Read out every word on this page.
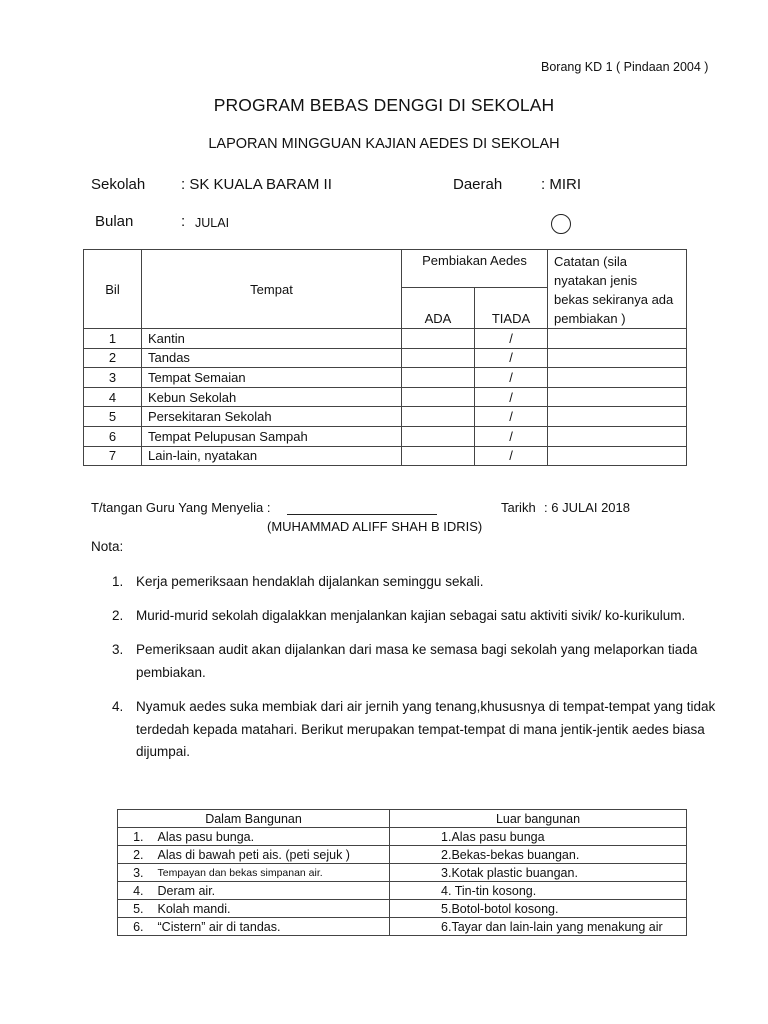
Borang KD 1 ( Pindaan 2004 )
PROGRAM BEBAS DENGGI DI SEKOLAH
LAPORAN MINGGUAN KAJIAN AEDES DI SEKOLAH
Sekolah : SK KUALA BARAM II	Daerah	: MIRI
Bulan	: JULAI
Bil	Tempat	Pembiakan Aedes		Catatan (sila
nyatakan jenis
bekas sekiranya ada
pembiakan )

		ADA	TIADA	
1	Kantin		/	
2	Tandas		/	
3	Tempat Semaian		/	
4	Kebun Sekolah		/	
5	Persekitaran Sekolah		/	
6	Tempat Pelupusan Sampah		/	
7	Lain-lain, nyatakan		/	
T/tangan Guru Yang Menyelia :	Tarikh : 6 JULAI 2018
(MUHAMMAD ALIFF SHAH B IDRIS)
Nota:
1. Kerja pemeriksaan hendaklah dijalankan seminggu sekali.
2. Murid-murid sekolah digalakkan menjalankan kajian sebagai satu aktiviti sivik/ ko-kurikulum.
3. Pemeriksaan audit akan dijalankan dari masa ke semasa bagi sekolah yang melaporkan tiada pembiakan.
4. Nyamuk aedes suka membiak dari air jernih yang tenang,khususnya di tempat-tempat yang tidak terdedah kepada matahari. Berikut merupakan tempat-tempat di mana jentik-jentik aedes biasa dijumpai.
Dalam Bangunan		Luar bangunan
1.	Alas pasu bunga.	1.Alas pasu bunga
2.	Alas di bawah peti ais. (peti sejuk )	2.Bekas-bekas buangan.
3.	Tempayan dan bekas simpanan air.	3.Kotak plastic buangan.
4.	Deram air.	4. Tin-tin kosong.
5.	Kolah mandi.	5.Botol-botol kosong.
6.	“Cistern” air di tandas.	6.Tayar dan lain-lain yang menakung air
